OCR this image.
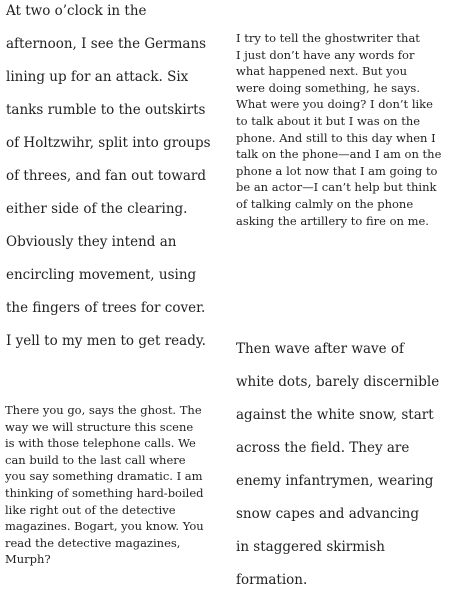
At two o’clock in the
afternoon, I see the Germans
lining up for an attack. Six
tanks rumble to the outskirts
of Holtzwihr, split into groups
of threes, and fan out toward
either side of the clearing.
Obviously they intend an
encircling movement, using
the fingers of trees for cover.
I yell to my men to get ready.
I try to tell the ghostwriter that
I just don’t have any words for
what happened next. But you
were doing something, he says.
What were you doing? I don’t like
to talk about it but I was on the
phone. And still to this day when I
talk on the phone—and I am on the
phone a lot now that I am going to
be an actor—I can’t help but think
of talking calmly on the phone
asking the artillery to fire on me.
There you go, says the ghost. The
way we will structure this scene
is with those telephone calls. We
can build to the last call where
you say something dramatic. I am
thinking of something hard-boiled
like right out of the detective
magazines. Bogart, you know. You
read the detective magazines,
Murph?
Then wave after wave of
white dots, barely discernible
against the white snow, start
across the field. They are
enemy infantrymen, wearing
snow capes and advancing
in staggered skirmish
formation.
